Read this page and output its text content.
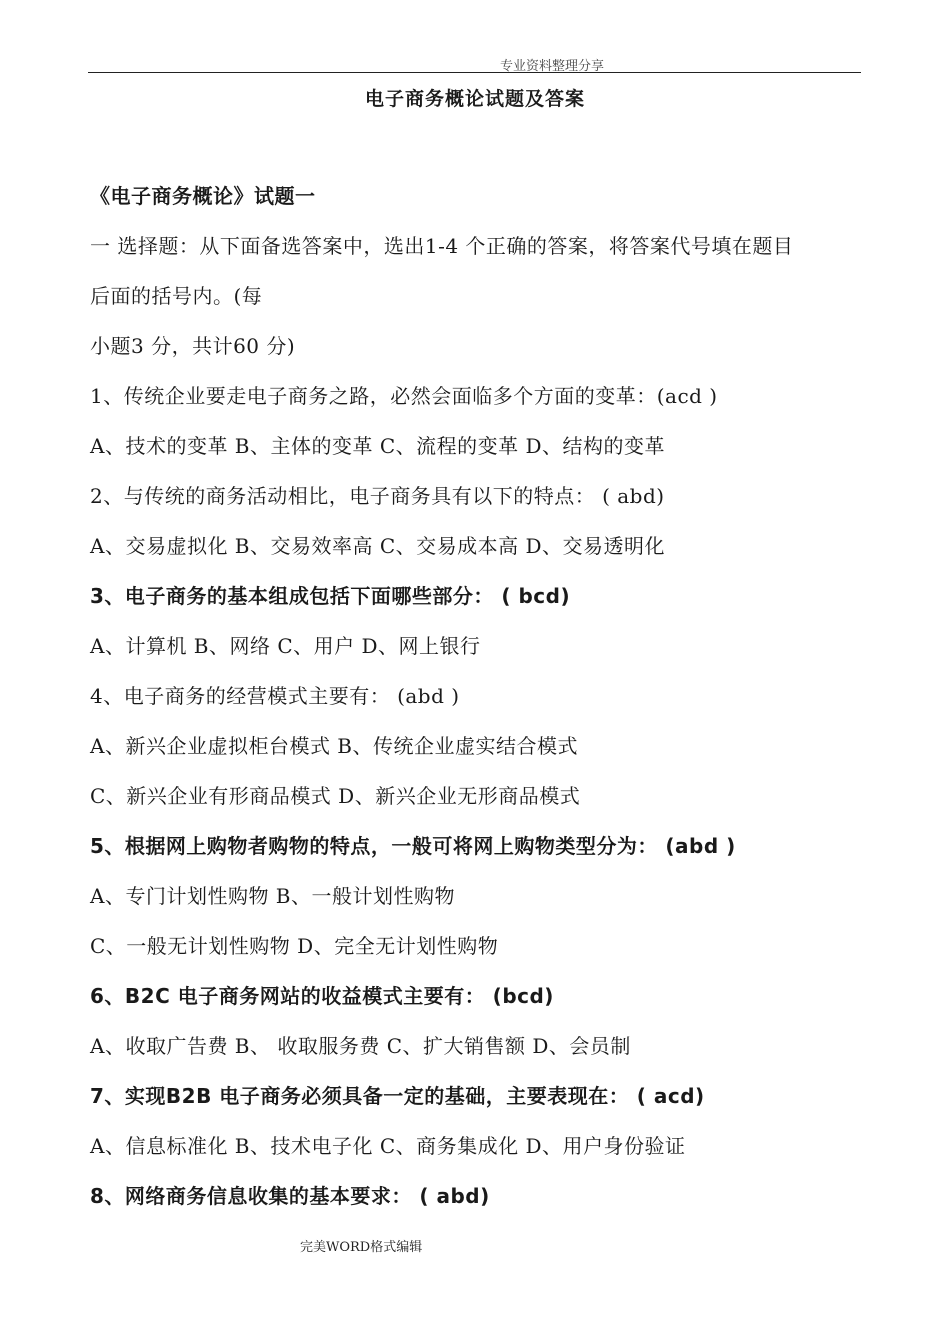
专业资料整理分享
电子商务概论试题及答案
《电子商务概论》试题一
一 选择题：从下面备选答案中，选出1-4 个正确的答案，将答案代号填在题目
后面的括号内。(每
小题3 分，共计60 分)
1、传统企业要走电子商务之路，必然会面临多个方面的变革：(acd )
A、技术的变革 B、主体的变革 C、流程的变革 D、结构的变革
2、与传统的商务活动相比，电子商务具有以下的特点： ( abd)
A、交易虚拟化 B、交易效率高 C、交易成本高 D、交易透明化
3、电子商务的基本组成包括下面哪些部分： ( bcd)
A、计算机 B、网络 C、用户 D、网上银行
4、电子商务的经营模式主要有： (abd )
A、新兴企业虚拟柜台模式 B、传统企业虚实结合模式
C、新兴企业有形商品模式 D、新兴企业无形商品模式
5、根据网上购物者购物的特点，一般可将网上购物类型分为： (abd )
A、专门计划性购物 B、一般计划性购物
C、一般无计划性购物 D、完全无计划性购物
6、B2C 电子商务网站的收益模式主要有： (bcd)
A、收取广告费 B、 收取服务费 C、扩大销售额 D、会员制
7、实现B2B 电子商务必须具备一定的基础，主要表现在： ( acd)
A、信息标准化 B、技术电子化 C、商务集成化 D、用户身份验证
8、网络商务信息收集的基本要求： ( abd)
完美WORD格式编辑
